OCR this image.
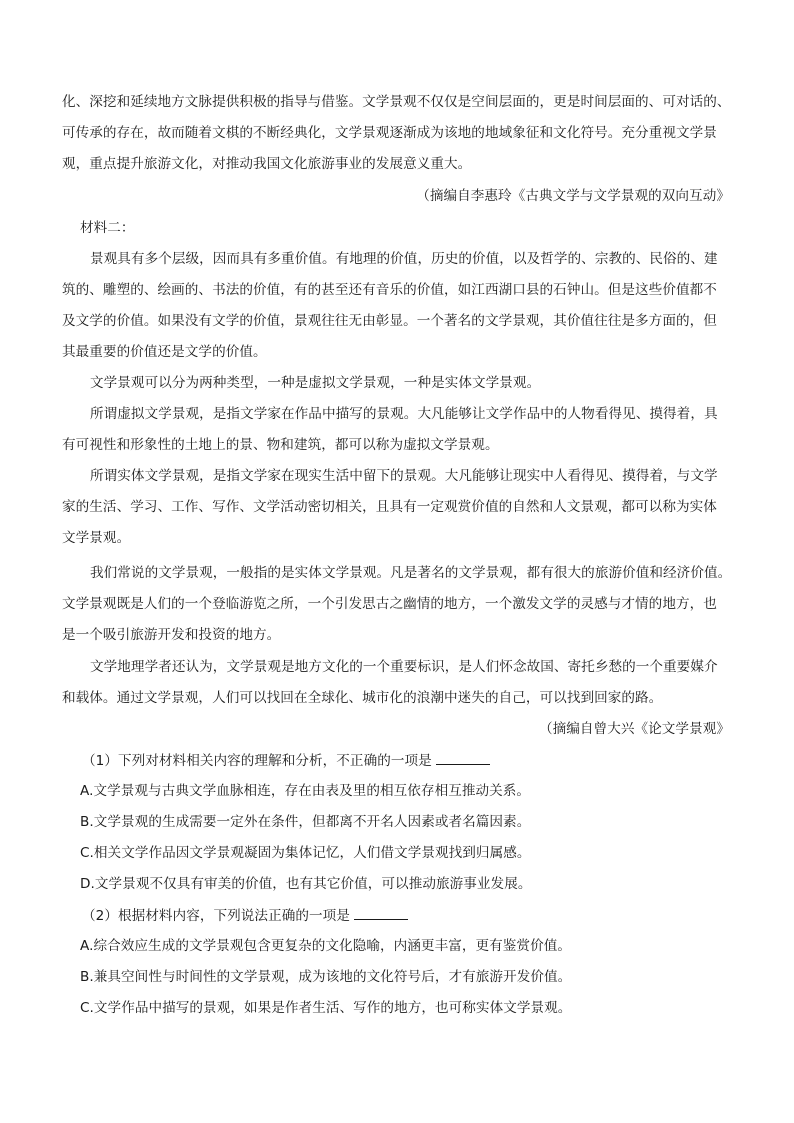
化、深挖和延续地方文脉提供积极的指导与借鉴。文学景观不仅仅是空间层面的，更是时间层面的、可对话的、
可传承的存在，故而随着文棋的不断经典化，文学景观逐渐成为该地的地域象征和文化符号。充分重视文学景
观，重点提升旅游文化，对推动我国文化旅游事业的发展意义重大。
（摘编自李惠玲《古典文学与文学景观的双向互动》
材料二：
景观具有多个层级，因而具有多重价值。有地理的价值，历史的价值，以及哲学的、宗教的、民俗的、建
筑的、雕塑的、绘画的、书法的价值，有的甚至还有音乐的价值，如江西湖口县的石钟山。但是这些价值都不
及文学的价值。如果没有文学的价值，景观往往无由彰显。一个著名的文学景观，其价值往往是多方面的，但
其最重要的价值还是文学的价值。
文学景观可以分为两种类型，一种是虚拟文学景观，一种是实体文学景观。
所谓虚拟文学景观，是指文学家在作品中描写的景观。大凡能够让文学作品中的人物看得见、摸得着，具
有可视性和形象性的土地上的景、物和建筑，都可以称为虚拟文学景观。
所谓实体文学景观，是指文学家在现实生活中留下的景观。大凡能够让现实中人看得见、摸得着，与文学
家的生活、学习、工作、写作、文学活动密切相关，且具有一定观赏价值的自然和人文景观，都可以称为实体
文学景观。
我们常说的文学景观，一般指的是实体文学景观。凡是著名的文学景观，都有很大的旅游价值和经济价值。
文学景观既是人们的一个登临游览之所，一个引发思古之幽情的地方，一个激发文学的灵感与才情的地方，也
是一个吸引旅游开发和投资的地方。
文学地理学者还认为，文学景观是地方文化的一个重要标识，是人们怀念故国、寄托乡愁的一个重要媒介
和载体。通过文学景观，人们可以找回在全球化、城市化的浪潮中迷失的自己，可以找到回家的路。
（摘编自曾大兴《论文学景观》
（1）下列对材料相关内容的理解和分析，不正确的一项是
A.文学景观与古典文学血脉相连，存在由表及里的相互依存相互推动关系。
B.文学景观的生成需要一定外在条件，但都离不开名人因素或者名篇因素。
C.相关文学作品因文学景观凝固为集体记忆，人们借文学景观找到归属感。
D.文学景观不仅具有审美的价值，也有其它价值，可以推动旅游事业发展。
（2）根据材料内容，下列说法正确的一项是
A.综合效应生成的文学景观包含更复杂的文化隐喻，内涵更丰富，更有鉴赏价值。
B.兼具空间性与时间性的文学景观，成为该地的文化符号后，才有旅游开发价值。
C.文学作品中描写的景观，如果是作者生活、写作的地方，也可称实体文学景观。
